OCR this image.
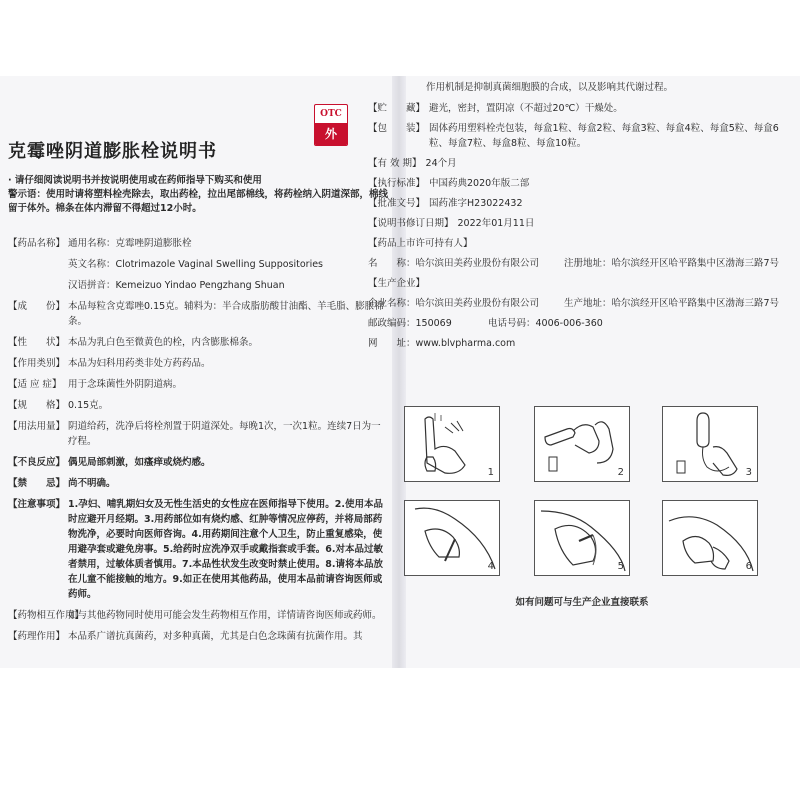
OTC
外
克霉唑阴道膨胀栓说明书
· 请仔细阅读说明书并按说明使用或在药师指导下购买和使用
警示语：使用时请将塑料栓壳除去，取出药栓，拉出尾部棉线，将药栓纳入阴道深部，棉线留于体外。棉条在体内滞留不得超过12小时。
【药品名称】 通用名称：克霉唑阴道膨胀栓
英文名称：Clotrimazole Vaginal Swelling Suppositories
汉语拼音：Kemeizuo Yindao Pengzhang Shuan
【成　　份】 本品每粒含克霉唑0.15克。辅料为：半合成脂肪酸甘油酯、羊毛脂、膨胀棉条。
【性　　状】 本品为乳白色至微黄色的栓，内含膨胀棉条。
【作用类别】 本品为妇科用药类非处方药药品。
【适 应 症】 用于念珠菌性外阴阴道病。
【规　　格】 0.15克。
【用法用量】 阴道给药，洗净后将栓剂置于阴道深处。每晚1次，一次1粒。连续7日为一疗程。
【不良反应】 偶见局部刺激，如瘙痒或烧灼感。
【禁　　忌】 尚不明确。
【注意事项】 1.孕妇、哺乳期妇女及无性生活史的女性应在医师指导下使用。2.使用本品时应避开月经期。3.用药部位如有烧灼感、红肿等情况应停药，并将局部药物洗净，必要时向医师咨询。4.用药期间注意个人卫生，防止重复感染，使用避孕套或避免房事。5.给药时应洗净双手或戴指套或手套。6.对本品过敏者禁用，过敏体质者慎用。7.本品性状发生改变时禁止使用。8.请将本品放在儿童不能接触的地方。9.如正在使用其他药品，使用本品前请咨询医师或药师。
【药物相互作用】
如与其他药物同时使用可能会发生药物相互作用，详情请咨询医师或药师。
【药理作用】 本品系广谱抗真菌药，对多种真菌，尤其是白色念珠菌有抗菌作用。其
作用机制是抑制真菌细胞膜的合成，以及影响其代谢过程。
【贮　　藏】 避光，密封，置阴凉（不超过20℃）干燥处。
【包　　装】 固体药用塑料栓壳包装，每盒1粒、每盒2粒、每盒3粒、每盒4粒、每盒5粒、每盒6粒、每盒7粒、每盒8粒、每盒10粒。
【有 效 期】 24个月
【执行标准】 中国药典2020年版二部
【批准文号】 国药准字H23022432
【说明书修订日期】 2022年01月11日
【药品上市许可持有人】
名　　称：哈尔滨田美药业股份有限公司	注册地址：哈尔滨经开区哈平路集中区渤海三路7号
【生产企业】
企业名称：哈尔滨田美药业股份有限公司	生产地址：哈尔滨经开区哈平路集中区渤海三路7号
邮政编码：150069	电话号码：4006-006-360
网　　址：www.blvpharma.com
1	2	3
4	5	6
如有问题可与生产企业直接联系
